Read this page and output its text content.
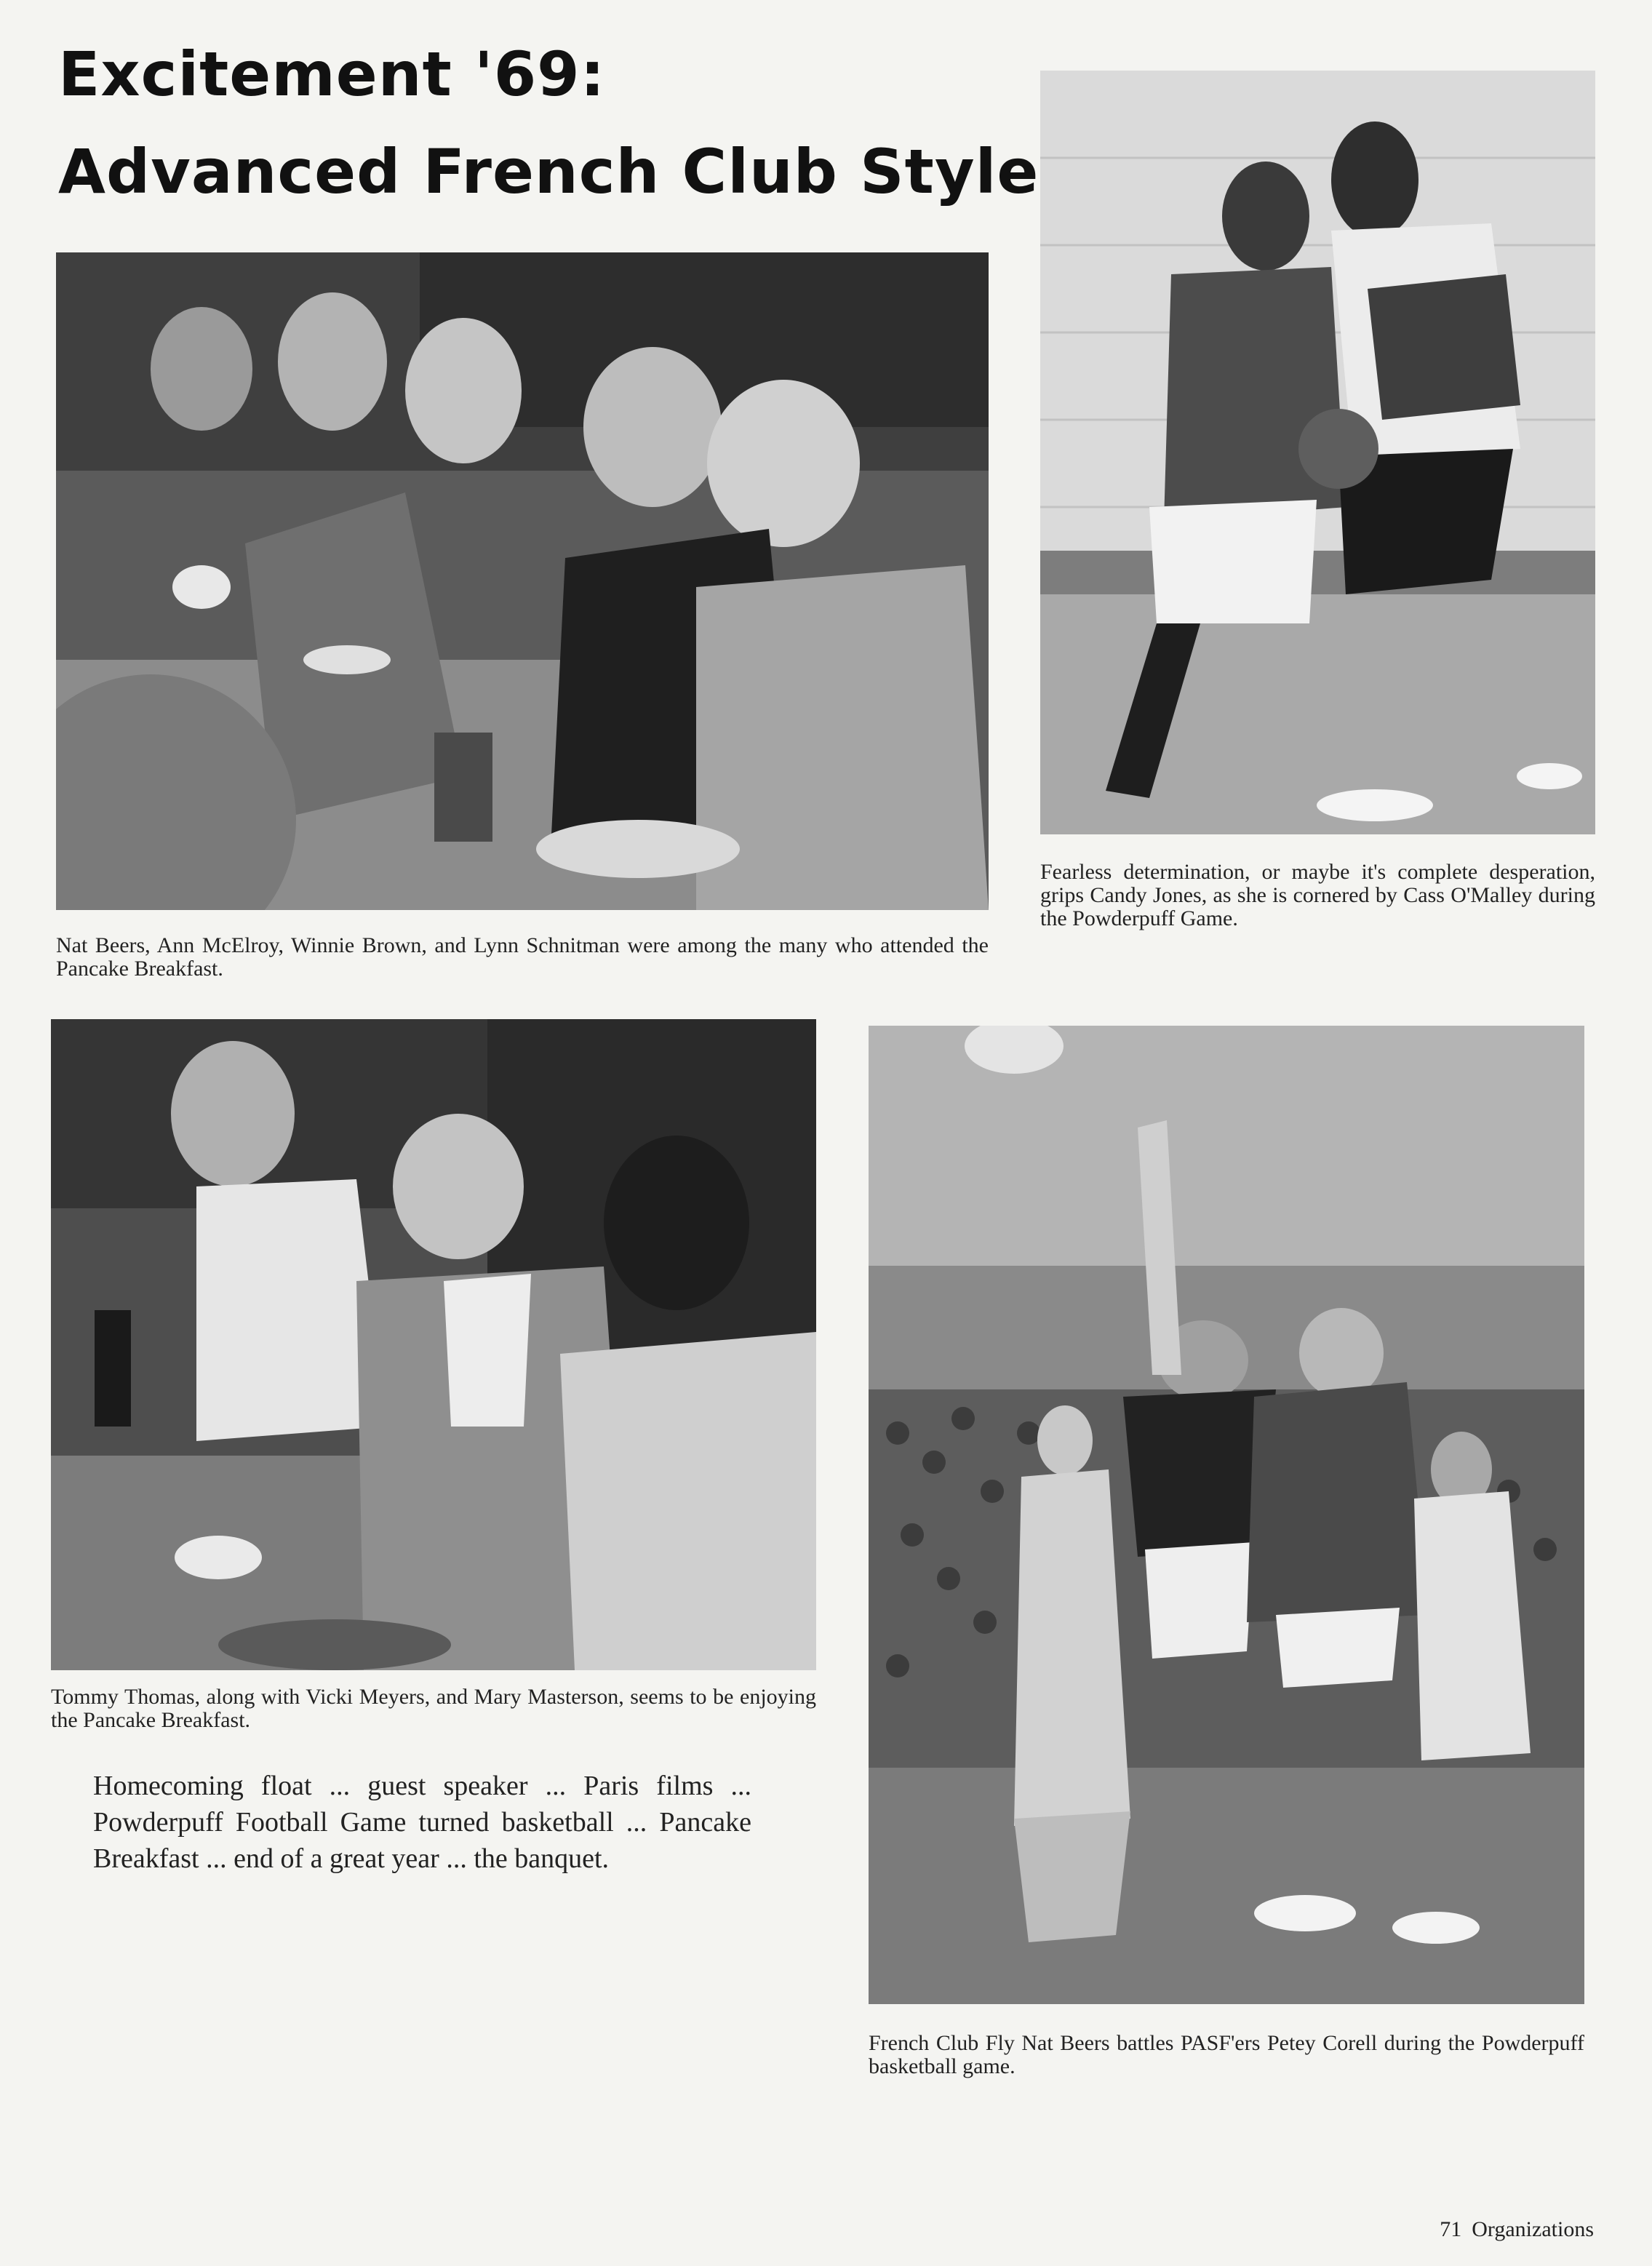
Excitement '69:
Advanced French Club Style

Nat Beers, Ann McElroy, Winnie Brown, and Lynn Schnitman were among the many who attended the Pancake Breakfast.

Fearless determination, or maybe it's complete desperation, grips Candy Jones, as she is cornered by Cass O'Malley during the Powderpuff Game.

Tommy Thomas, along with Vicki Meyers, and Mary Masterson, seems to be enjoying the Pancake Breakfast.

Homecoming float ... guest speaker ... Paris films ... Powderpuff Football Game turned basketball ... Pancake Breakfast ... end of a great year ... the banquet.

French Club Fly Nat Beers battles PASF'ers Petey Corell during the Powderpuff basketball game.

71 Organizations
